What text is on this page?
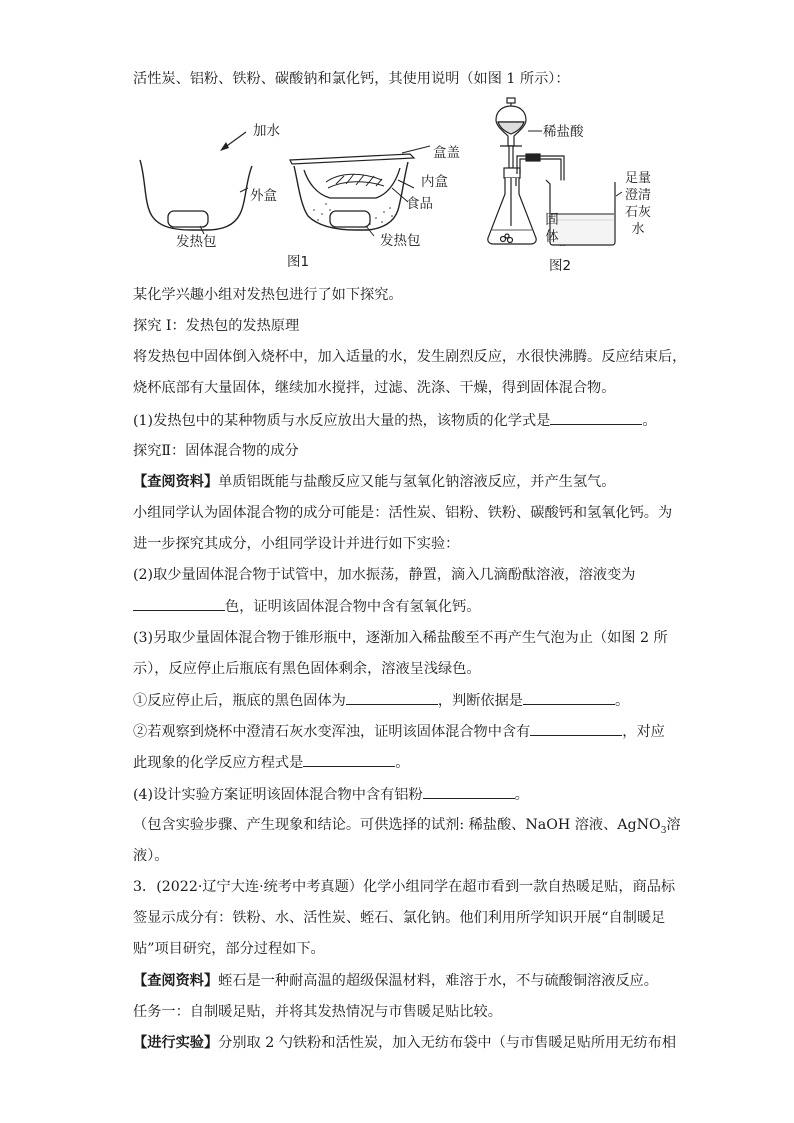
活性炭、铝粉、铁粉、碳酸钠和氯化钙，其使用说明（如图 1 所示）：
加水
外盒
发热包
盒盖
内盒
食品
发热包
图1
稀盐酸
足量澄清石灰水
固体
图2
某化学兴趣小组对发热包进行了如下探究。
探究 I：发热包的发热原理
将发热包中固体倒入烧杯中，加入适量的水，发生剧烈反应，水很快沸腾。反应结束后，
烧杯底部有大量固体，继续加水搅拌，过滤、洗涤、干燥，得到固体混合物。
(1)发热包中的某种物质与水反应放出大量的热，该物质的化学式是	。
探究Ⅱ：固体混合物的成分
【查阅资料】单质铝既能与盐酸反应又能与氢氧化钠溶液反应，并产生氢气。
小组同学认为固体混合物的成分可能是：活性炭、铝粉、铁粉、碳酸钙和氢氧化钙。为
进一步探究其成分，小组同学设计并进行如下实验：
(2)取少量固体混合物于试管中，加水振荡，静置，滴入几滴酚酞溶液，溶液变为
色，证明该固体混合物中含有氢氧化钙。
(3)另取少量固体混合物于锥形瓶中，逐渐加入稀盐酸至不再产生气泡为止（如图 2 所
示），反应停止后瓶底有黑色固体剩余，溶液呈浅绿色。
①反应停止后，瓶底的黑色固体为	，判断依据是	。
②若观察到烧杯中澄清石灰水变浑浊，证明该固体混合物中含有	，对应
此现象的化学反应方程式是	。
(4)设计实验方案证明该固体混合物中含有铝粉	。
（包含实验步骤、产生现象和结论。可供选择的试剂: 稀盐酸、NaOH 溶液、AgNO$_3$溶
液）。
3．(2022·辽宁大连·统考中考真题）化学小组同学在超市看到一款自热暖足贴，商品标
签显示成分有：铁粉、水、活性炭、蛭石、氯化钠。他们利用所学知识开展“自制暖足
贴”项目研究，部分过程如下。
【查阅资料】蛭石是一种耐高温的超级保温材料，难溶于水，不与硫酸铜溶液反应。
任务一：自制暖足贴，并将其发热情况与市售暖足贴比较。
【进行实验】分别取 2 勺铁粉和活性炭，加入无纺布袋中（与市售暖足贴所用无纺布相
